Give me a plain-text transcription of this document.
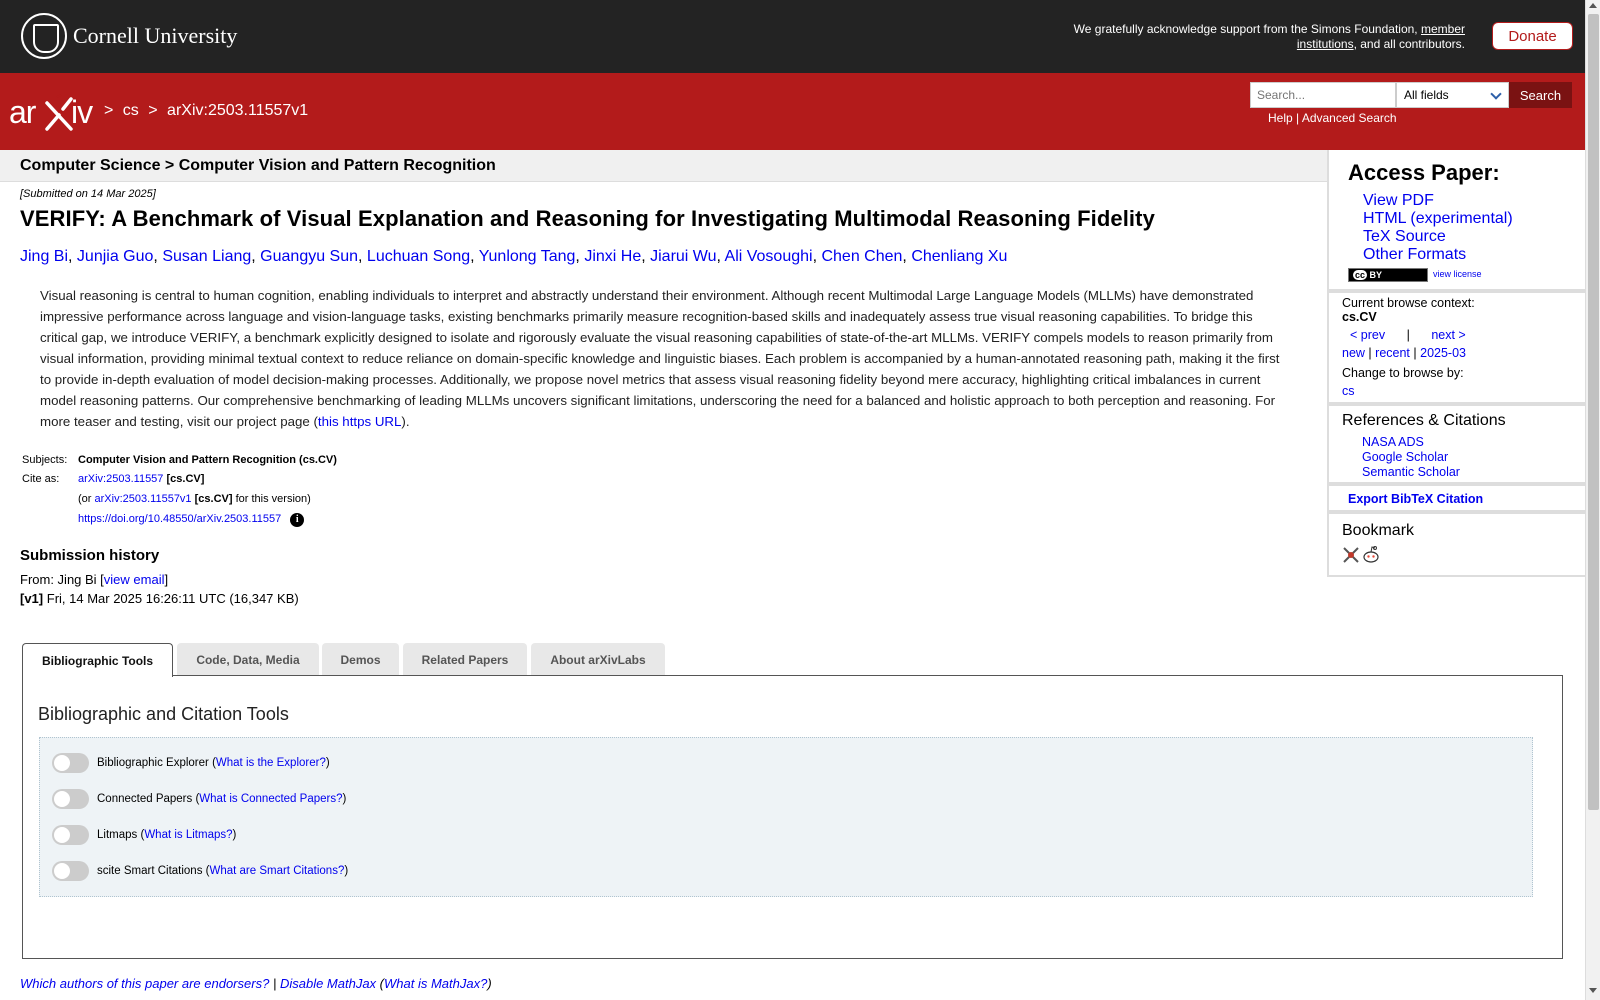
Cornell University	We gratefully acknowledge support from the Simons Foundation, member institutions, and all contributors.	Donate
ar iv > cs > arXiv:2503.11557v1
Search...
All fields	Search
Help | Advanced Search
Computer Science > Computer Vision and Pattern Recognition
[Submitted on 14 Mar 2025]
VERIFY: A Benchmark of Visual Explanation and Reasoning for Investigating Multimodal Reasoning Fidelity
Jing Bi, Junjia Guo, Susan Liang, Guangyu Sun, Luchuan Song, Yunlong Tang, Jinxi He, Jiarui Wu, Ali Vosoughi, Chen Chen, Chenliang Xu
Visual reasoning is central to human cognition, enabling individuals to interpret and abstractly understand their environment. Although recent Multimodal Large Language Models (MLLMs) have demonstrated impressive performance across language and vision-language tasks, existing benchmarks primarily measure recognition-based skills and inadequately assess true visual reasoning capabilities. To bridge this critical gap, we introduce VERIFY, a benchmark explicitly designed to isolate and rigorously evaluate the visual reasoning capabilities of state-of-the-art MLLMs. VERIFY compels models to reason primarily from visual information, providing minimal textual context to reduce reliance on domain-specific knowledge and linguistic biases. Each problem is accompanied by a human-annotated reasoning path, making it the first to provide in-depth evaluation of model decision-making processes. Additionally, we propose novel metrics that assess visual reasoning fidelity beyond mere accuracy, highlighting critical imbalances in current model reasoning patterns. Our comprehensive benchmarking of leading MLLMs uncovers significant limitations, underscoring the need for a balanced and holistic approach to both perception and reasoning. For more teaser and testing, visit our project page (this https URL).
Subjects: Computer Vision and Pattern Recognition (cs.CV)
Cite as:	arXiv:2503.11557 [cs.CV]
(or arXiv:2503.11557v1 [cs.CV] for this version)
https://doi.org/10.48550/arXiv.2503.11557 i
Submission history
From: Jing Bi [view email]
[v1] Fri, 14 Mar 2025 16:26:11 UTC (16,347 KB)
Bibliographic Tools	Code, Data, Media	Demos	Related Papers	About arXivLabs
Bibliographic and Citation Tools
Bibliographic Explorer ( What is the Explorer? )
Connected Papers ( What is Connected Papers? )
Litmaps ( What is Litmaps? )
scite Smart Citations ( What are Smart Citations? )
Which authors of this paper are endorsers? | Disable MathJax (What is MathJax?)
Access Paper:
View PDF
HTML (experimental)
TeX Source
Other Formats
cc BY	view license
Current browse context:
cs.CV
< prev | next >
new | recent | 2025-03
Change to browse by:
cs
References & Citations
NASA ADS
Google Scholar
Semantic Scholar
Export BibTeX Citation
Bookmark
